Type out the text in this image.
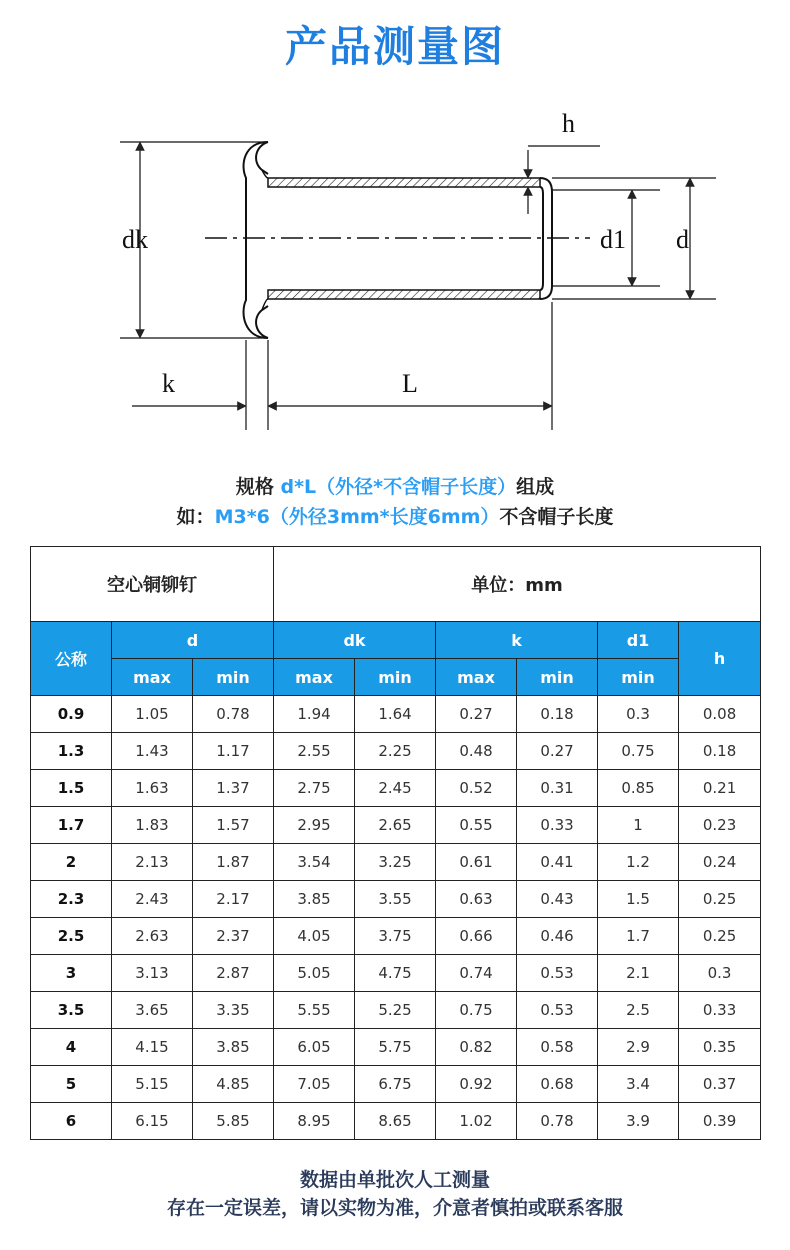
产品测量图
dk	d1 d
h
k	L
规格 d*L（外径*不含帽子长度）组成
如：M3*6（外径3mm*长度6mm）不含帽子长度
空心铜铆钉			单位：mm					
公称	d		dk		k		d1	h
	max	min	max	min	max	min	min	
0.9	1.05	0.78	1.94	1.64	0.27	0.18	0.3	0.08
1.3	1.43	1.17	2.55	2.25	0.48	0.27	0.75	0.18
1.5	1.63	1.37	2.75	2.45	0.52	0.31	0.85	0.21
1.7	1.83	1.57	2.95	2.65	0.55	0.33	1	0.23
2	2.13	1.87	3.54	3.25	0.61	0.41	1.2	0.24
2.3	2.43	2.17	3.85	3.55	0.63	0.43	1.5	0.25
2.5	2.63	2.37	4.05	3.75	0.66	0.46	1.7	0.25
3	3.13	2.87	5.05	4.75	0.74	0.53	2.1	0.3
3.5	3.65	3.35	5.55	5.25	0.75	0.53	2.5	0.33
4	4.15	3.85	6.05	5.75	0.82	0.58	2.9	0.35
5	5.15	4.85	7.05	6.75	0.92	0.68	3.4	0.37
6	6.15	5.85	8.95	8.65	1.02	0.78	3.9	0.39
数据由单批次人工测量
存在一定误差，请以实物为准，介意者慎拍或联系客服
